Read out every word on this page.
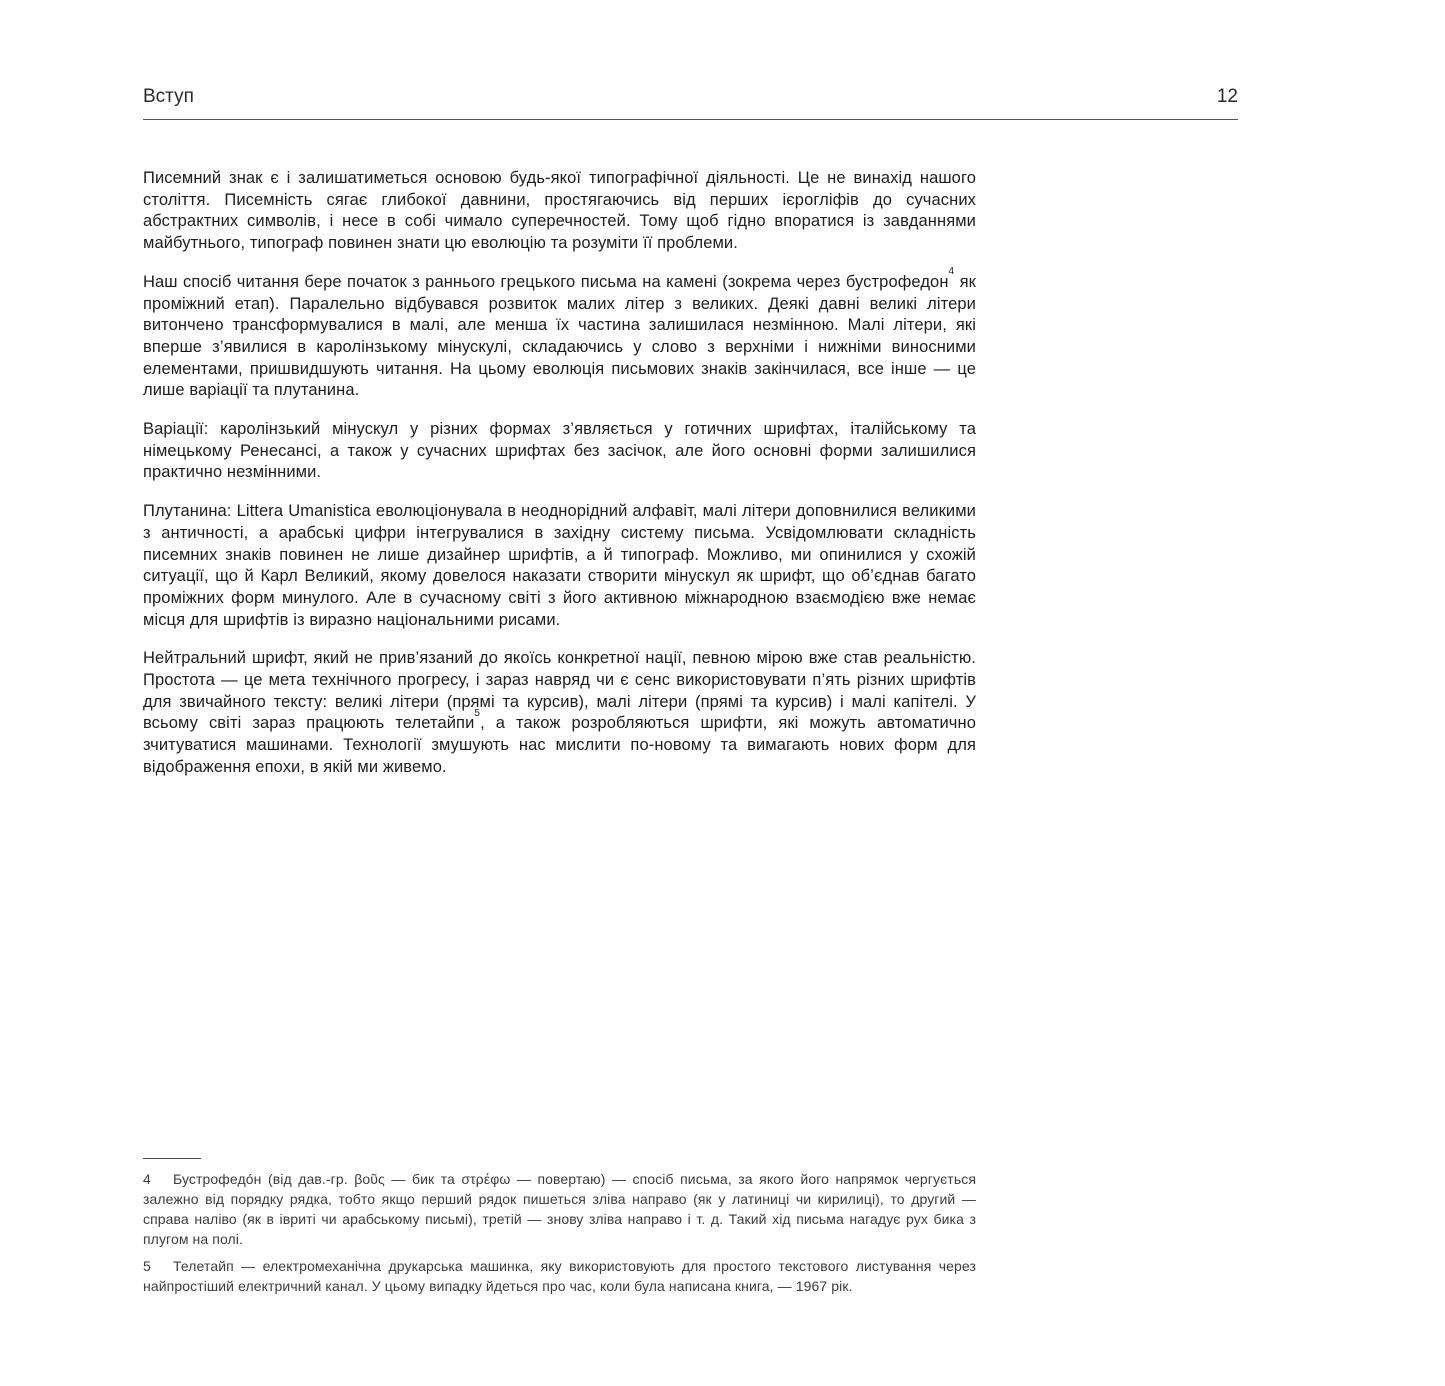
Вступ	12

Писемний знак є і залишатиметься основою будь-якої типографічної діяльності. Це не винахід нашого століття. Писемність сягає глибокої давнини, простягаючись від перших ієрогліфів до сучасних абстрактних символів, і несе в собі чимало суперечностей. Тому щоб гідно впоратися із завданнями майбутнього, типограф повинен знати цю еволюцію та розуміти її проблеми.

Наш спосіб читання бере початок з раннього грецького письма на камені (зокрема через бустрофедон$^4$ як проміжний етап). Паралельно відбувався розвиток малих літер з великих. Деякі давні великі літери витончено трансформувалися в малі, але менша їх частина залишилася незмінною. Малі літери, які вперше з’явилися в каролінзькому мінускулі, складаючись у слово з верхніми і нижніми виносними елементами, пришвидшують читання. На цьому еволюція письмових знаків закінчилася, все інше — це лише варіації та плутанина.

Варіації: каролінзький мінускул у різних формах з’являється у готичних шрифтах, італійському та німецькому Ренесансі, а також у сучасних шрифтах без засічок, але його основні форми залишилися практично незмінними.

Плутанина: Littera Umanistica еволюціонувала в неоднорідний алфавіт, малі літери доповнилися великими з античності, а арабські цифри інтегрувалися в західну систему письма. Усвідомлювати складність писемних знаків повинен не лише дизайнер шрифтів, а й типограф. Можливо, ми опинилися у схожій ситуації, що й Карл Великий, якому довелося наказати створити мінускул як шрифт, що об’єднав багато проміжних форм минулого. Але в сучасному світі з його активною міжнародною взаємодією вже немає місця для шрифтів із виразно національними рисами.

Нейтральний шрифт, який не прив’язаний до якоїсь конкретної нації, певною мірою вже став реальністю. Простота — це мета технічного прогресу, і зараз навряд чи є сенс використовувати п’ять різних шрифтів для звичайного тексту: великі літери (прямі та курсив), малі літери (прямі та курсив) і малі капітелі. У всьому світі зараз працюють телетайпи$^5$, а також розробляються шрифти, які можуть автоматично зчитуватися машинами. Технології змушують нас мислити по-новому та вимагають нових форм для відображення епохи, в якій ми живемо.

4 Бустрофедо́н (від дав.-гр. βοῦς — бик та στρέφω — повертаю) — спосіб письма, за якого його напрямок чергується залежно від порядку рядка, тобто якщо перший рядок пишеться зліва направо (як у латиниці чи кирилиці), то другий — справа наліво (як в івриті чи арабському письмі), третій — знову зліва направо і т. д. Такий хід письма нагадує рух бика з плугом на полі.

5 Телетайп — електромеханічна друкарська машинка, яку використовують для простого текстового листування через найпростіший електричний канал. У цьому випадку йдеться про час, коли була написана книга, — 1967 рік.
